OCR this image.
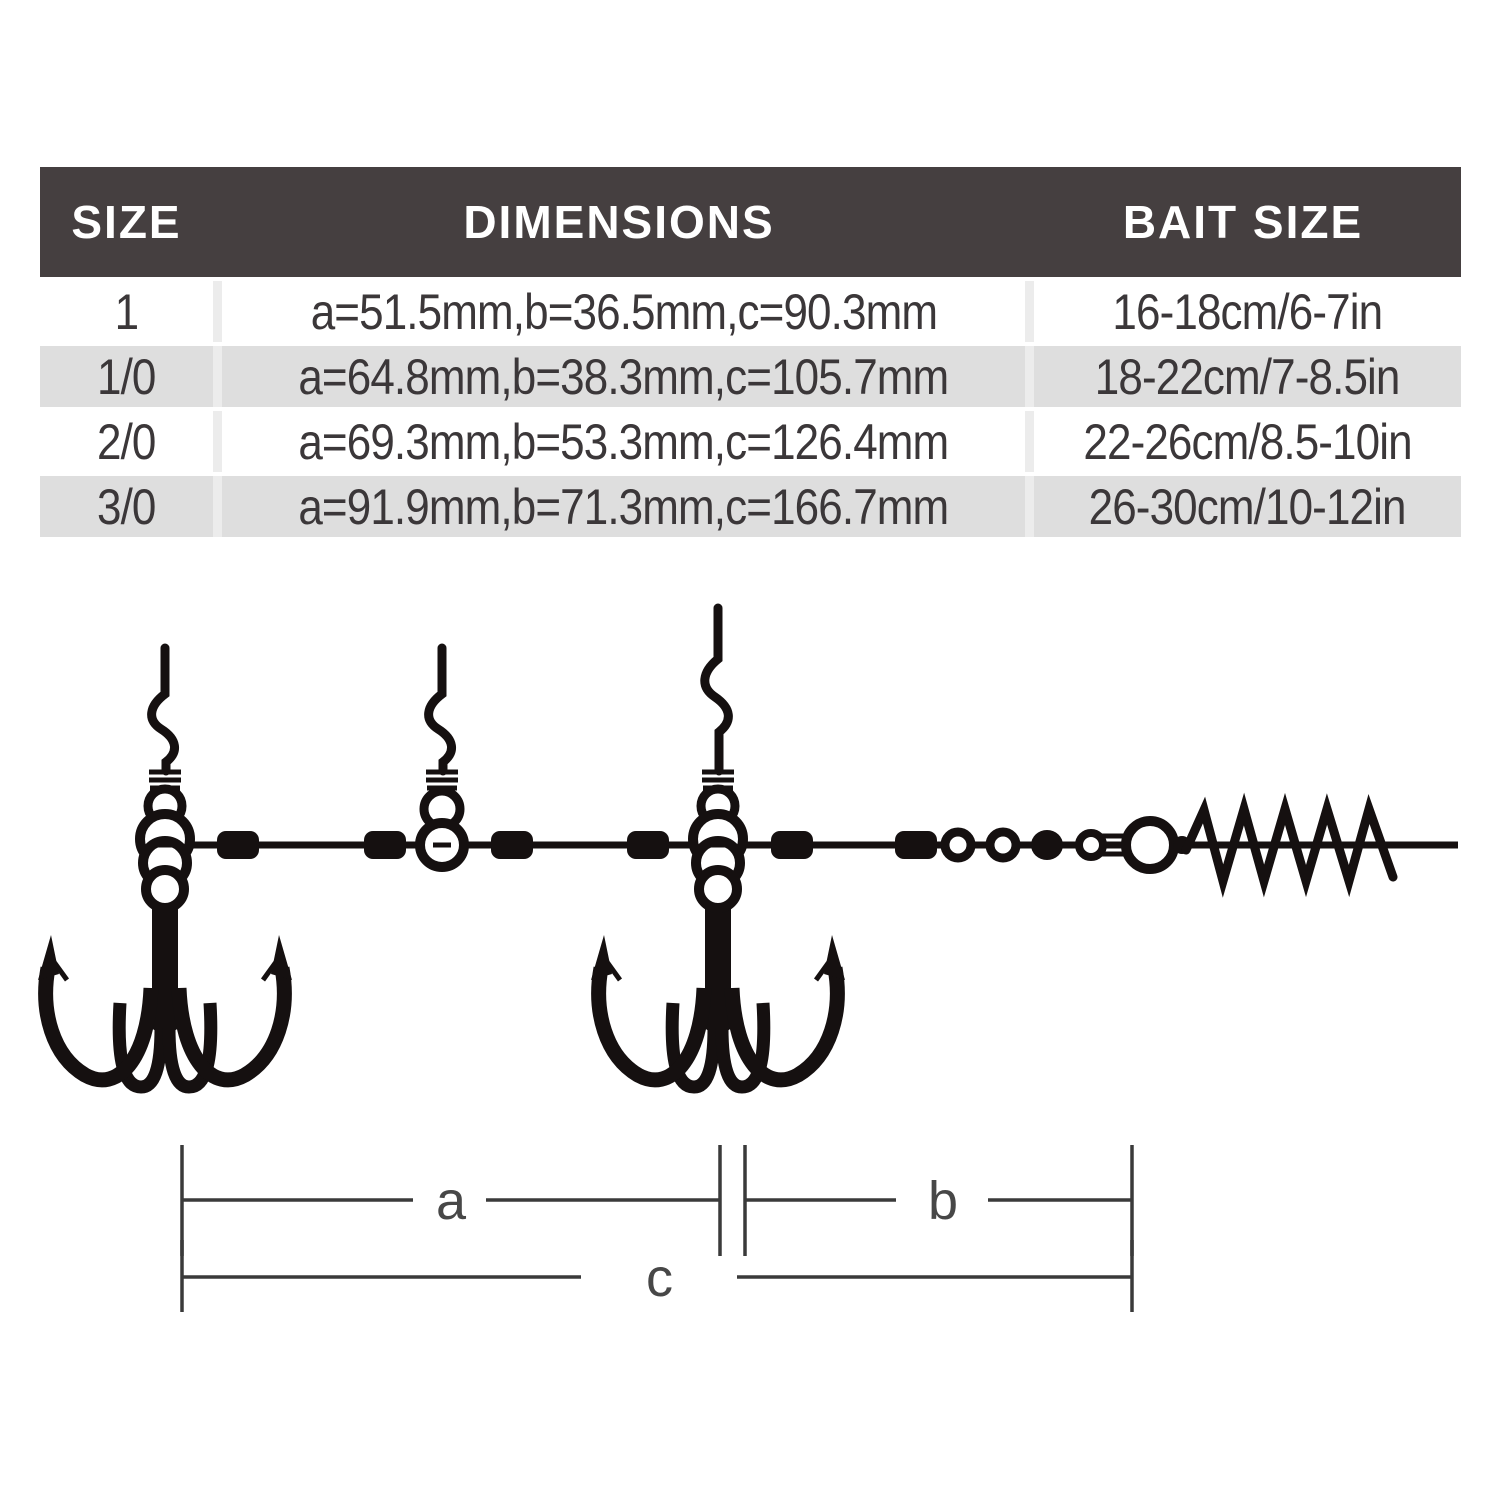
SIZE	DIMENSIONS	BAIT SIZE
1	a=51.5mm,b=36.5mm,c=90.3mm	16-18cm/6-7in
1/0	a=64.8mm,b=38.3mm,c=105.7mm	18-22cm/7-8.5in
2/0	a=69.3mm,b=53.3mm,c=126.4mm	22-26cm/8.5-10in
3/0	a=91.9mm,b=71.3mm,c=166.7mm	26-30cm/10-12in
a	b
c
